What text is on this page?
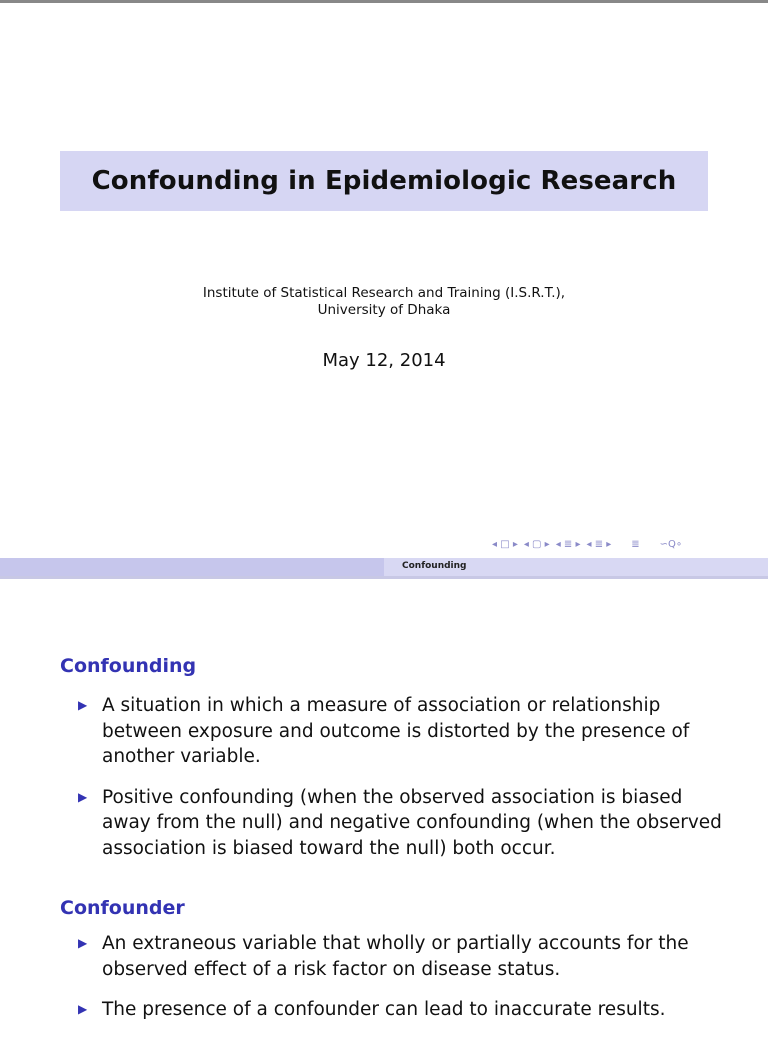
Confounding in Epidemiologic Research
Institute of Statistical Research and Training (I.S.R.T.),
University of Dhaka
May 12, 2014
◂ □ ▸ ◂ ▢ ▸ ◂ ≣ ▸ ◂ ≣ ▸ ≣ ∽Q∘
Confounding
Confounding
▶ A situation in which a measure of association or relationship between exposure and outcome is distorted by the presence of another variable.
▶ Positive confounding (when the observed association is biased away from the null) and negative confounding (when the observed association is biased toward the null) both occur.
Confounder
▶ An extraneous variable that wholly or partially accounts for the observed effect of a risk factor on disease status.
▶ The presence of a confounder can lead to inaccurate results.
